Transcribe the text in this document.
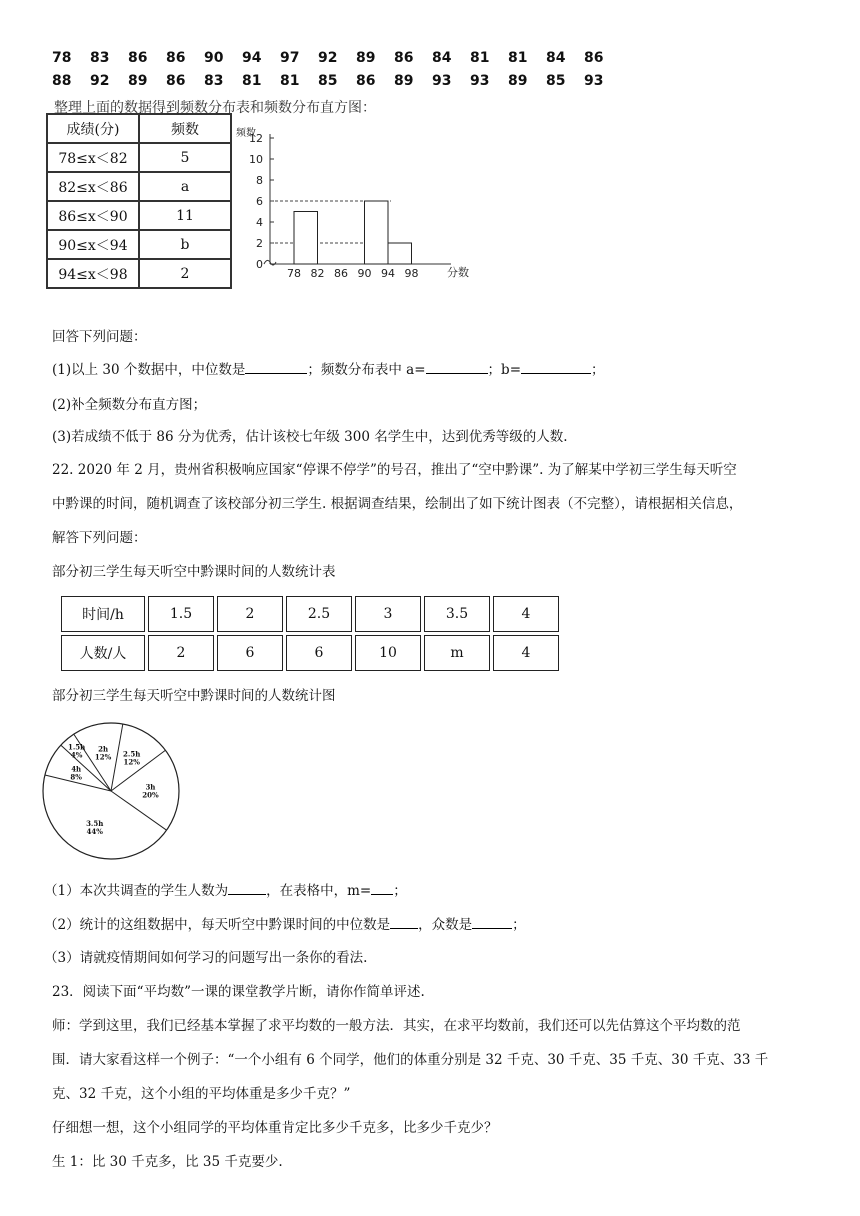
78 83 86 86 90 94 97 92 89 86 84 81 81 84 86
88 92 89 86 83 81 81 85 86 89 93 93 89 85 93
整理上面的数据得到频数分布表和频数分布直方图：
成绩(分)	频数
78≤x＜82	5
82≤x＜86	a
86≤x＜90	11
90≤x＜94	b
94≤x＜98	2
频数
0
2
4
6
8
10
12
78 82 86 90 94 98	分数
回答下列问题：
(1)以上 30 个数据中，中位数是	；频数分布表中 a=	；b=	；
(2)补全频数分布直方图；
(3)若成绩不低于 86 分为优秀，估计该校七年级 300 名学生中，达到优秀等级的人数.
22. 2020 年 2 月，贵州省积极响应国家“停课不停学”的号召，推出了“空中黔课”. 为了解某中学初三学生每天听空
中黔课的时间，随机调查了该校部分初三学生. 根据调查结果，绘制出了如下统计图表（不完整），请根据相关信息，
解答下列问题：
部分初三学生每天听空中黔课时间的人数统计表
时间/h	1.5	2	2.5	3	3.5	4
人数/人	2	6	6	10	m	4
部分初三学生每天听空中黔课时间的人数统计图
2.5h
12%
3h
20%
3.5h
44%
4h
8%
1.5h
4%
2h
12%
（1）本次共调查的学生人数为	，在表格中，m= ；
（2）统计的这组数据中，每天听空中黔课时间的中位数是 ，众数是	；
（3）请就疫情期间如何学习的问题写出一条你的看法.
23．阅读下面“平均数”一课的课堂教学片断，请你作简单评述.
师：学到这里，我们已经基本掌握了求平均数的一般方法．其实，在求平均数前，我们还可以先估算这个平均数的范
围．请大家看这样一个例子：“一个小组有 6 个同学，他们的体重分别是 32 千克、30 千克、35 千克、30 千克、33 千
克、32 千克，这个小组的平均体重是多少千克？”
仔细想一想，这个小组同学的平均体重肯定比多少千克多，比多少千克少？
生 1：比 30 千克多，比 35 千克要少.
